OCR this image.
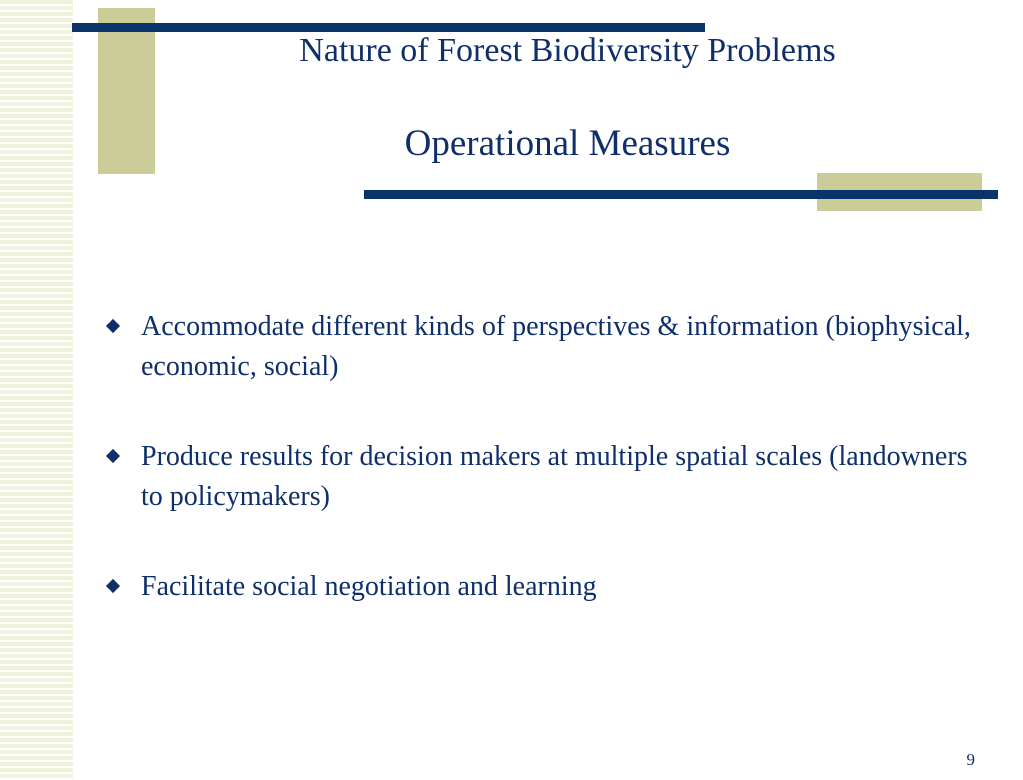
Nature of Forest Biodiversity Problems
Operational Measures
Accommodate different kinds of perspectives & information (biophysical, economic, social)
Produce results for decision makers at multiple spatial scales (landowners to policymakers)
Facilitate social negotiation and learning
9
